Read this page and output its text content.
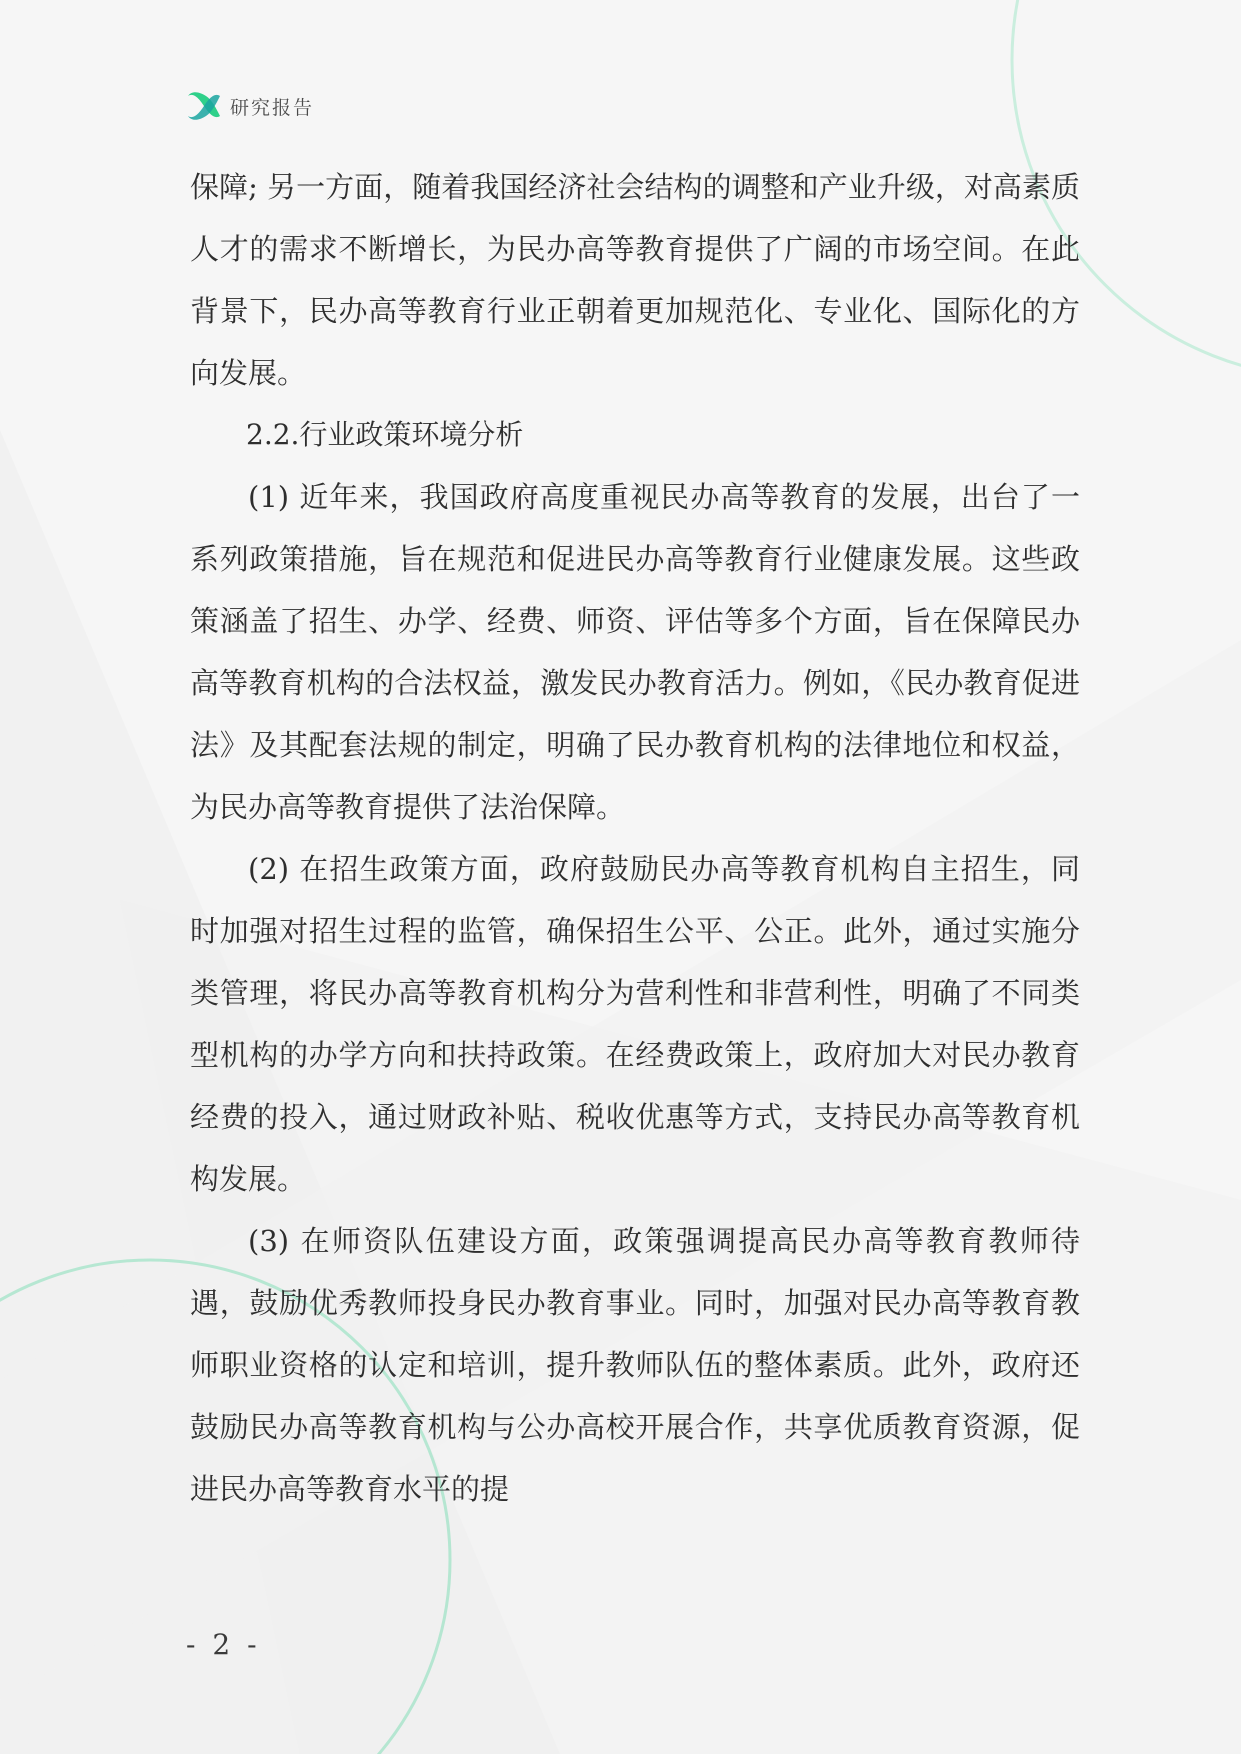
研究报告

保障; 另一方面，随着我国经济社会结构的调整和产业升级，对高素质人才的需求不断增长，为民办高等教育提供了广阔的市场空间。在此背景下，民办高等教育行业正朝着更加规范化、专业化、国际化的方向发展。

2.2.行业政策环境分析

(1) 近年来，我国政府高度重视民办高等教育的发展，出台了一系列政策措施，旨在规范和促进民办高等教育行业健康发展。这些政策涵盖了招生、办学、经费、师资、评估等多个方面，旨在保障民办高等教育机构的合法权益，激发民办教育活力。例如，《民办教育促进法》及其配套法规的制定，明确了民办教育机构的法律地位和权益，为民办高等教育提供了法治保障。

(2) 在招生政策方面，政府鼓励民办高等教育机构自主招生，同时加强对招生过程的监管，确保招生公平、公正。此外，通过实施分类管理，将民办高等教育机构分为营利性和非营利性，明确了不同类型机构的办学方向和扶持政策。在经费政策上，政府加大对民办教育经费的投入，通过财政补贴、税收优惠等方式，支持民办高等教育机构发展。

(3) 在师资队伍建设方面，政策强调提高民办高等教育教师待遇，鼓励优秀教师投身民办教育事业。同时，加强对民办高等教育教师职业资格的认定和培训，提升教师队伍的整体素质。此外，政府还鼓励民办高等教育机构与公办高校开展合作，共享优质教育资源，促进民办高等教育水平的提

- 2 -
